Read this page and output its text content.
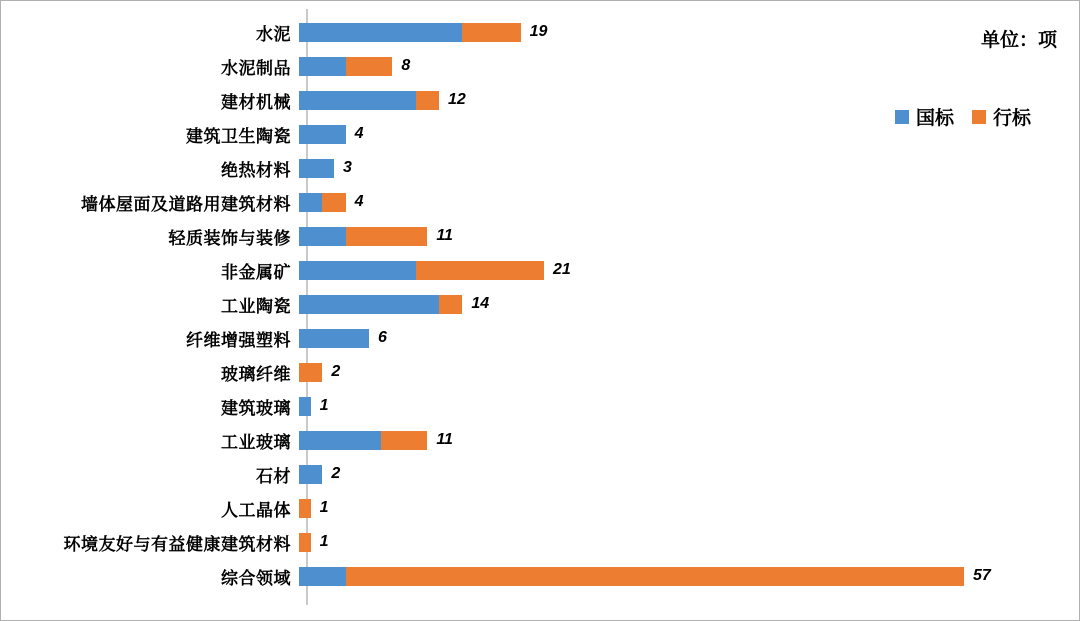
单位：项
国标 行标
水泥	19
水泥制品	8
建材机械	12
建筑卫生陶瓷	4
绝热材料	3
墙体屋面及道路用建筑材料	4
轻质装饰与装修	11
非金属矿	21
工业陶瓷	14
纤维增强塑料	6
玻璃纤维	2
建筑玻璃	1
工业玻璃	11
石材	2
人工晶体	1
环境友好与有益健康建筑材料	1
综合领域	57
